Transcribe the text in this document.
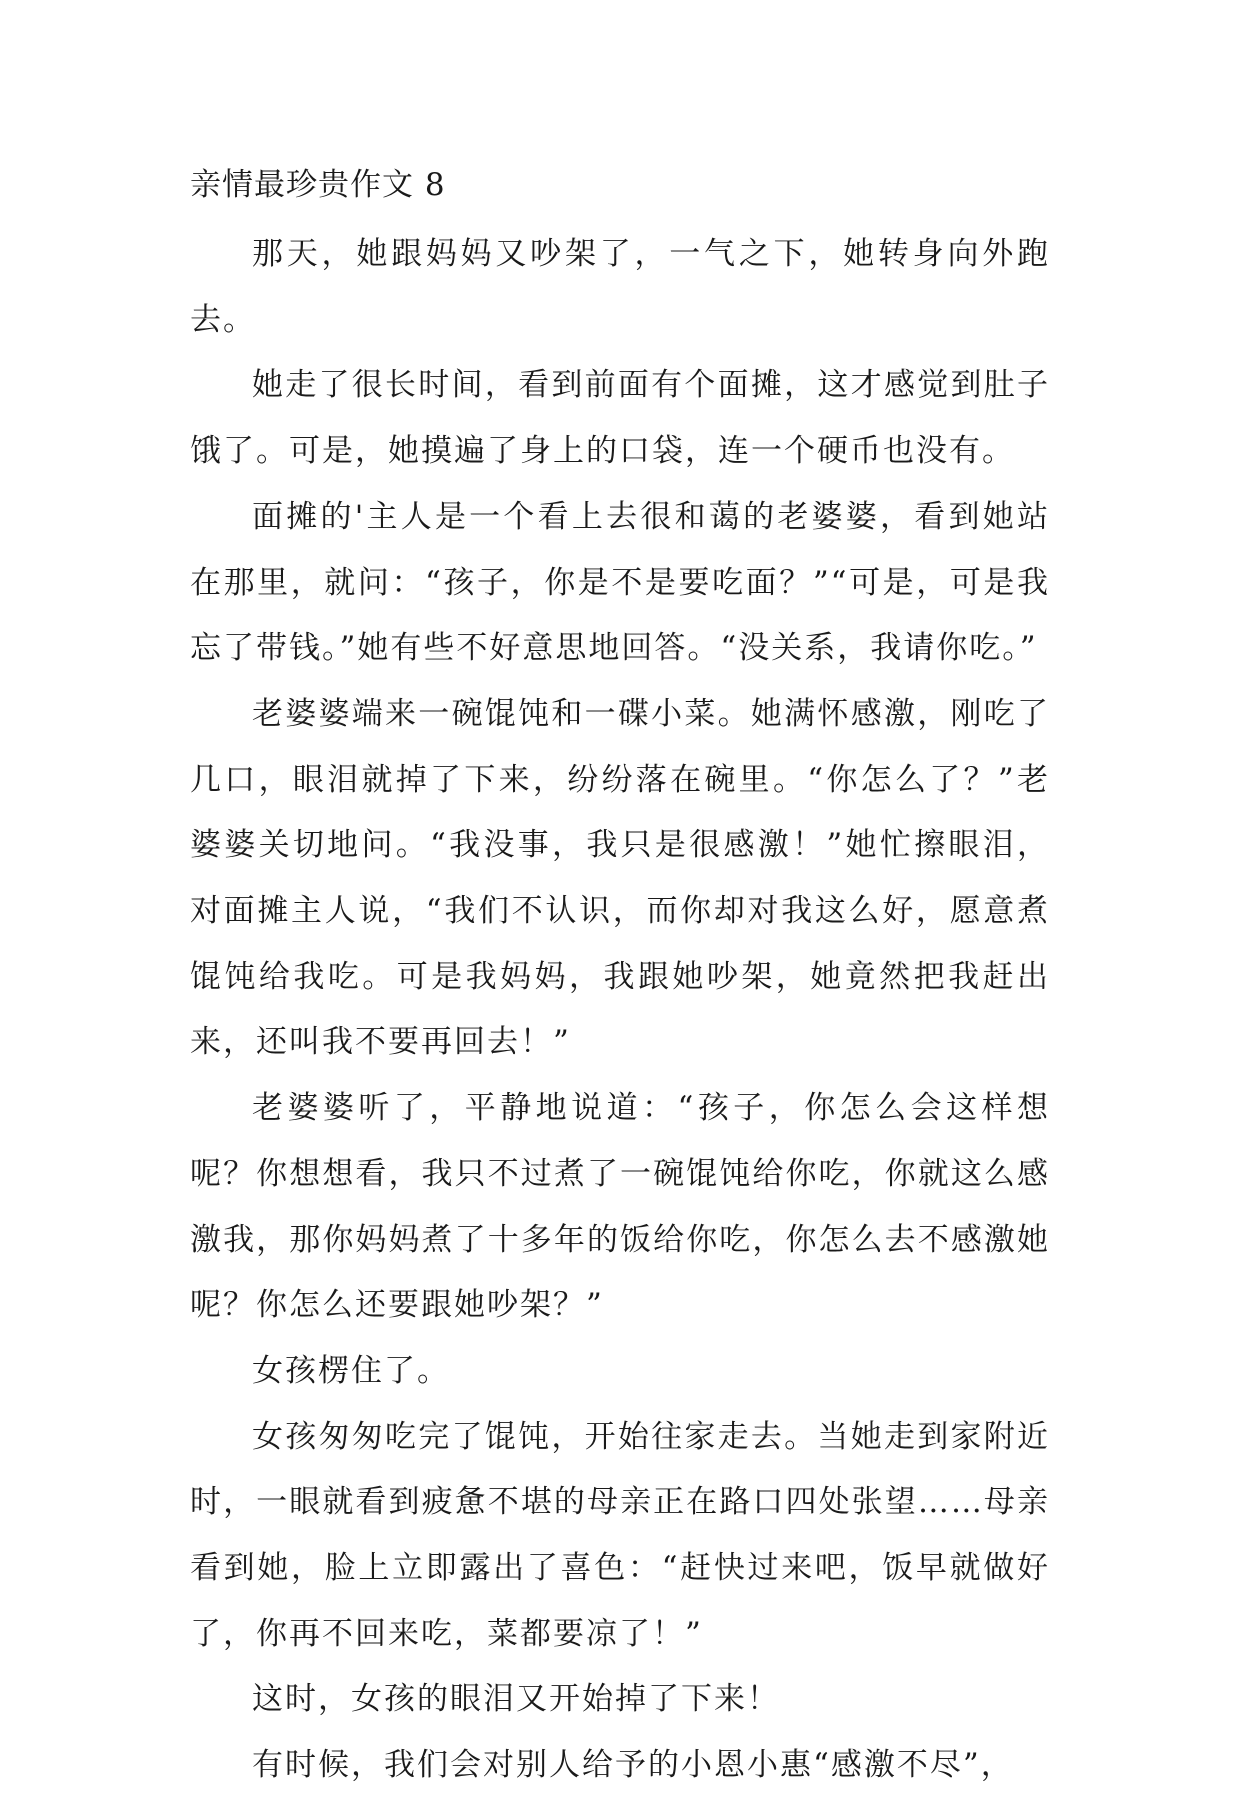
亲情最珍贵作文 8

那天，她跟妈妈又吵架了，一气之下，她转身向外跑去。

她走了很长时间，看到前面有个面摊，这才感觉到肚子饿了。可是，她摸遍了身上的口袋，连一个硬币也没有。

面摊的'主人是一个看上去很和蔼的老婆婆，看到她站在那里，就问：“孩子，你是不是要吃面？”“可是，可是我忘了带钱。”她有些不好意思地回答。“没关系，我请你吃。”

老婆婆端来一碗馄饨和一碟小菜。她满怀感激，刚吃了几口，眼泪就掉了下来，纷纷落在碗里。“你怎么了？”老婆婆关切地问。“我没事，我只是很感激！”她忙擦眼泪，对面摊主人说，“我们不认识，而你却对我这么好，愿意煮馄饨给我吃。可是我妈妈，我跟她吵架，她竟然把我赶出来，还叫我不要再回去！”

老婆婆听了，平静地说道：“孩子，你怎么会这样想呢？你想想看，我只不过煮了一碗馄饨给你吃，你就这么感激我，那你妈妈煮了十多年的饭给你吃，你怎么去不感激她呢？你怎么还要跟她吵架？”

女孩楞住了。

女孩匆匆吃完了馄饨，开始往家走去。当她走到家附近时，一眼就看到疲惫不堪的母亲正在路口四处张望……母亲看到她，脸上立即露出了喜色：“赶快过来吧，饭早就做好了，你再不回来吃，菜都要凉了！”

这时，女孩的眼泪又开始掉了下来！

有时候，我们会对别人给予的小恩小惠“感激不尽”，
